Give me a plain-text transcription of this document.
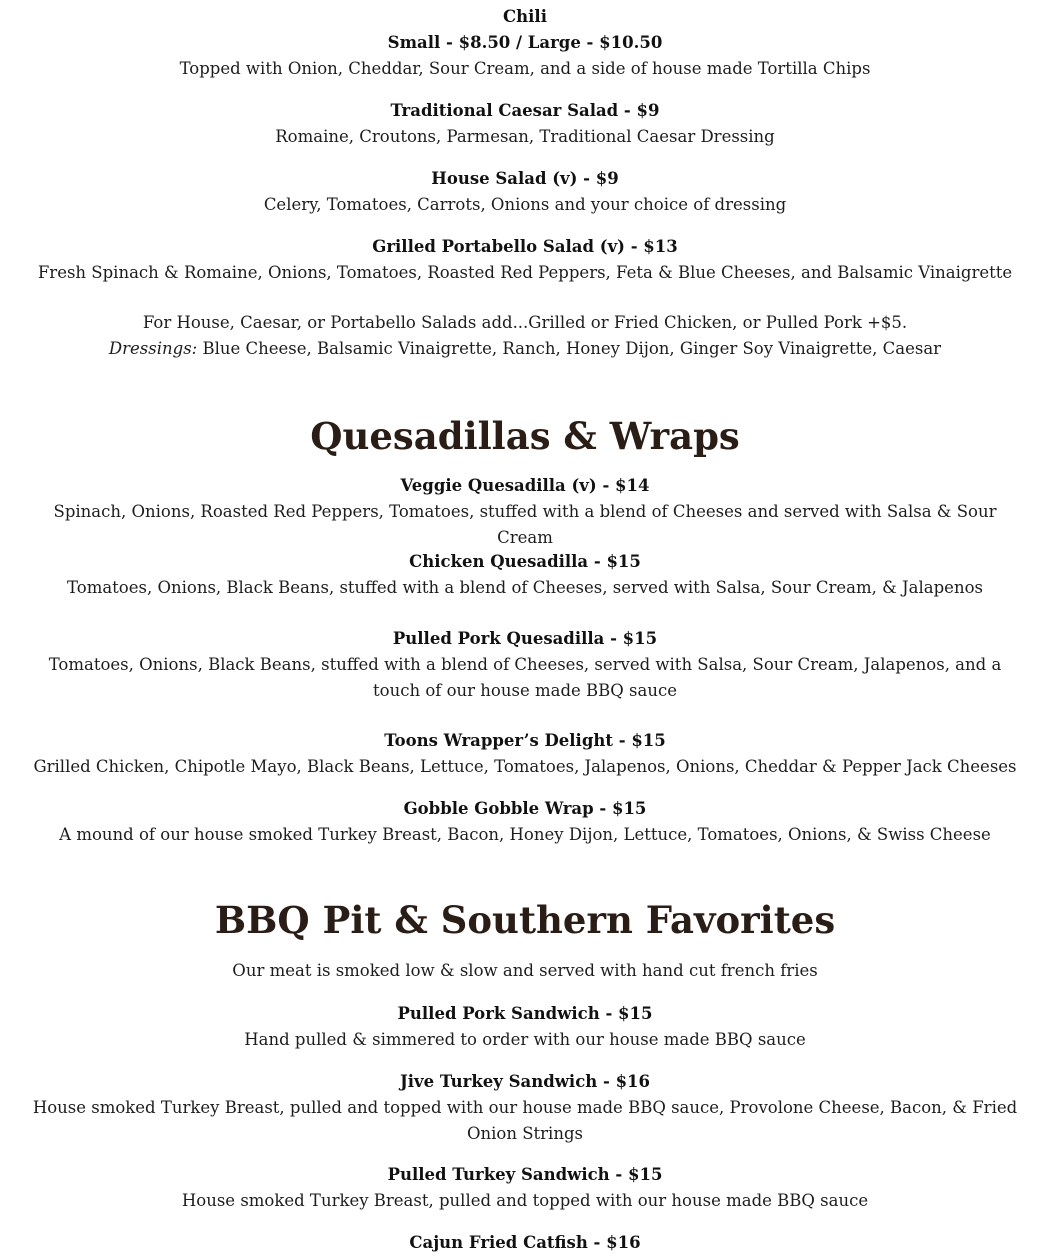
Chili

Small - $8.50 / Large - $10.50

Topped with Onion, Cheddar, Sour Cream, and a side of house made Tortilla Chips

Traditional Caesar Salad - $9

Romaine, Croutons, Parmesan, Traditional Caesar Dressing

House Salad (v) - $9

Celery, Tomatoes, Carrots, Onions and your choice of dressing

Grilled Portabello Salad (v) - $13

Fresh Spinach & Romaine, Onions, Tomatoes, Roasted Red Peppers, Feta & Blue Cheeses, and Balsamic Vinaigrette

For House, Caesar, or Portabello Salads add...Grilled or Fried Chicken, or Pulled Pork +$5.

Dressings: Blue Cheese, Balsamic Vinaigrette, Ranch, Honey Dijon, Ginger Soy Vinaigrette, Caesar

Quesadillas & Wraps

Veggie Quesadilla (v) - $14

Spinach, Onions, Roasted Red Peppers, Tomatoes, stuffed with a blend of Cheeses and served with Salsa & Sour Cream

Chicken Quesadilla - $15

Tomatoes, Onions, Black Beans, stuffed with a blend of Cheeses, served with Salsa, Sour Cream, & Jalapenos

Pulled Pork Quesadilla - $15

Tomatoes, Onions, Black Beans, stuffed with a blend of Cheeses, served with Salsa, Sour Cream, Jalapenos, and a touch of our house made BBQ sauce

Toons Wrapper’s Delight - $15

Grilled Chicken, Chipotle Mayo, Black Beans, Lettuce, Tomatoes, Jalapenos, Onions, Cheddar & Pepper Jack Cheeses

Gobble Gobble Wrap - $15

A mound of our house smoked Turkey Breast, Bacon, Honey Dijon, Lettuce, Tomatoes, Onions, & Swiss Cheese

BBQ Pit & Southern Favorites

Our meat is smoked low & slow and served with hand cut french fries

Pulled Pork Sandwich - $15

Hand pulled & simmered to order with our house made BBQ sauce

Jive Turkey Sandwich - $16

House smoked Turkey Breast, pulled and topped with our house made BBQ sauce, Provolone Cheese, Bacon, & Fried Onion Strings

Pulled Turkey Sandwich - $15

House smoked Turkey Breast, pulled and topped with our house made BBQ sauce

Cajun Fried Catfish - $16
